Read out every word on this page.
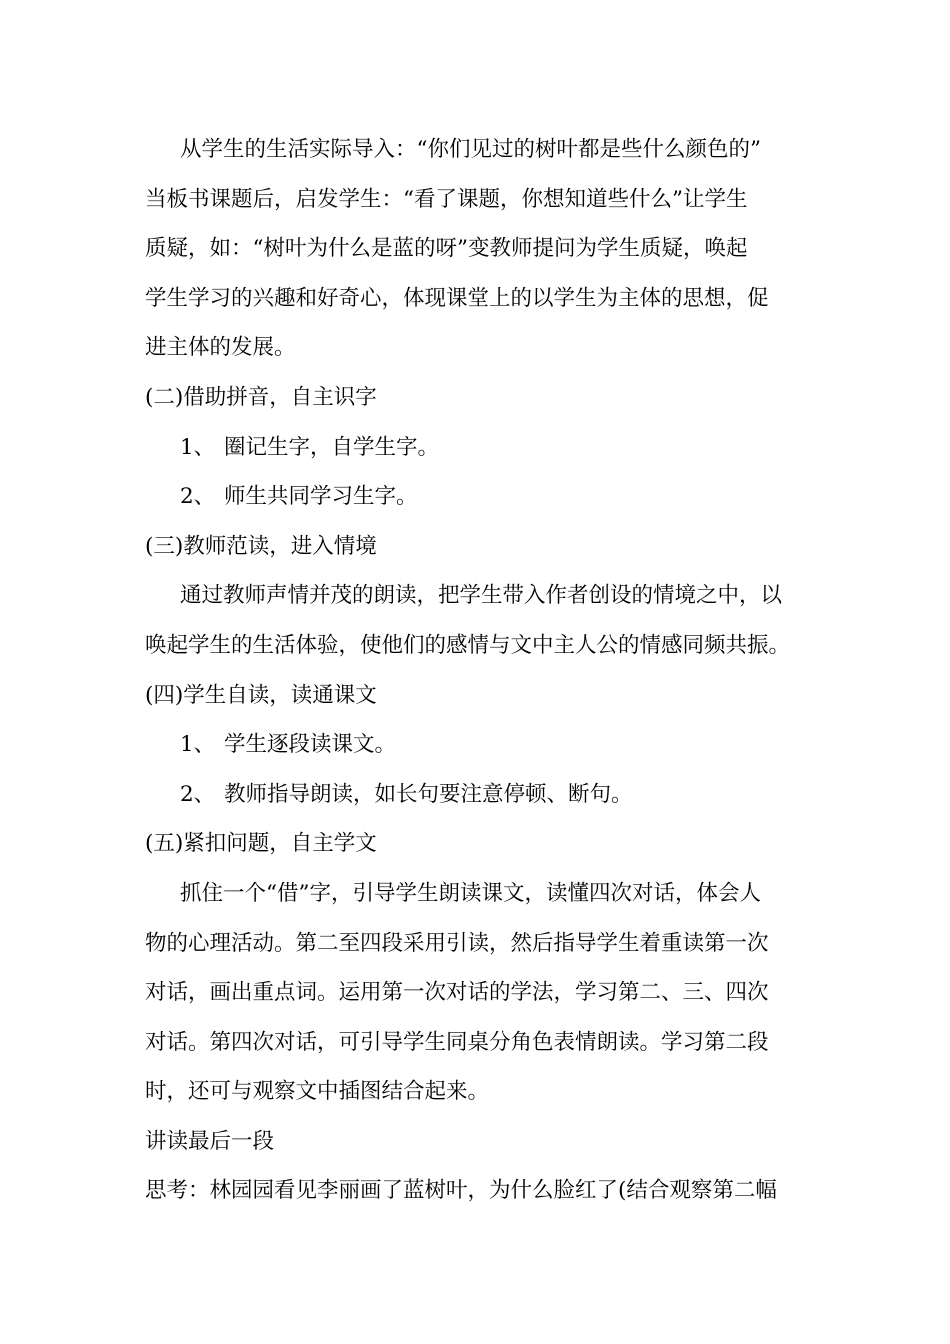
从学生的生活实际导入：“你们见过的树叶都是些什么颜色的”
当板书课题后，启发学生：“看了课题，你想知道些什么”让学生
质疑，如：“树叶为什么是蓝的呀”变教师提问为学生质疑，唤起
学生学习的兴趣和好奇心，体现课堂上的以学生为主体的思想，促
进主体的发展。
(二)借助拼音，自主识字
1、 圈记生字，自学生字。
2、 师生共同学习生字。
(三)教师范读，进入情境
通过教师声情并茂的朗读，把学生带入作者创设的情境之中，以
唤起学生的生活体验，使他们的感情与文中主人公的情感同频共振。
(四)学生自读，读通课文
1、 学生逐段读课文。
2、 教师指导朗读，如长句要注意停顿、断句。
(五)紧扣问题，自主学文
抓住一个“借”字，引导学生朗读课文，读懂四次对话，体会人
物的心理活动。第二至四段采用引读，然后指导学生着重读第一次
对话，画出重点词。运用第一次对话的学法，学习第二、三、四次
对话。第四次对话，可引导学生同桌分角色表情朗读。学习第二段
时，还可与观察文中插图结合起来。
讲读最后一段
思考：林园园看见李丽画了蓝树叶，为什么脸红了(结合观察第二幅
